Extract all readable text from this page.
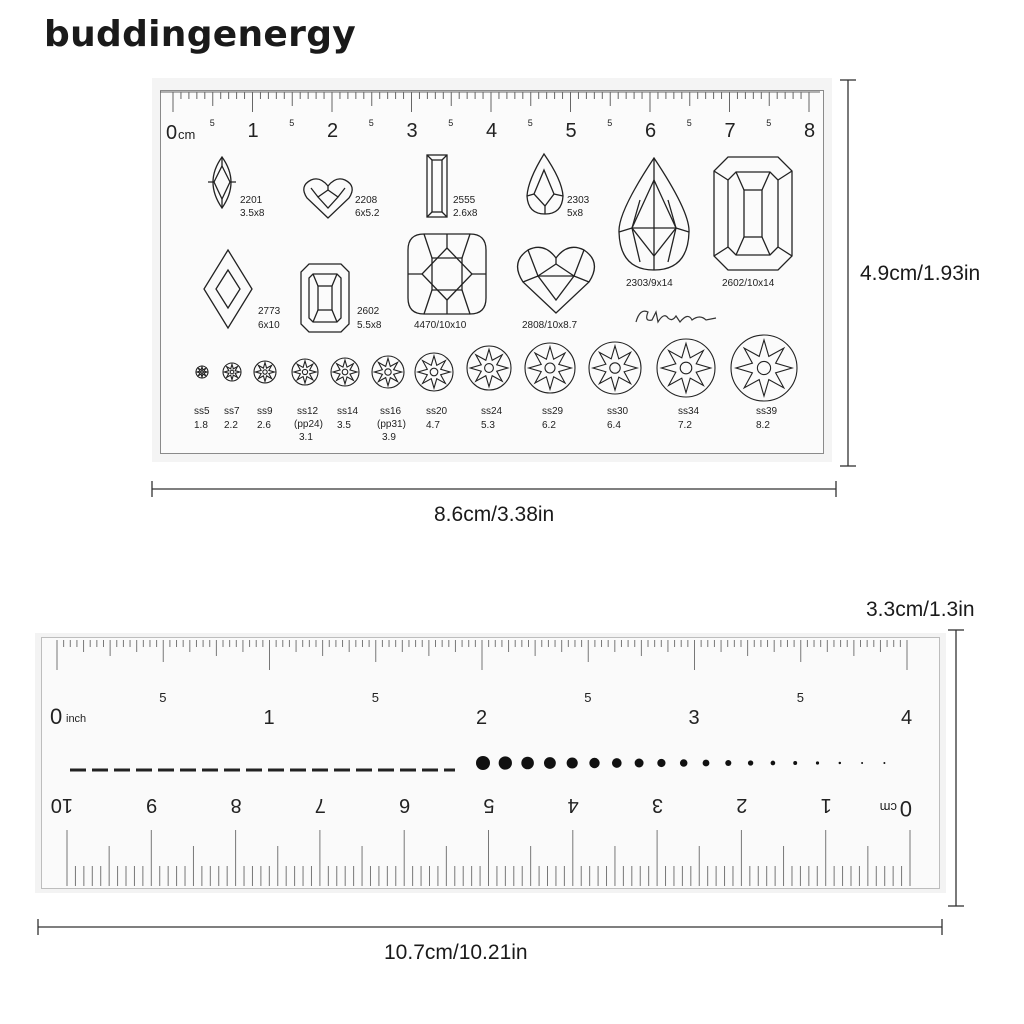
buddingenergy
1	2	3	4	5	6	7	8
5	5	5	5	5	5	5	5
0 cm
2201
3.5x8
2208
6x5.2
2555
2.6x8
2303
5x8
2303/9x14	2602/10x14
2773
6x10
2602
5.5x8	4470/10x10	2808/10x8.7
ss5
1.8
ss7
2.2
ss9
2.6
ss12
(pp24)
3.1
ss14
3.5
ss16
(pp31)
3.9
ss20
4.7
ss24
5.3
ss29
6.2
ss30
6.4
ss34
7.2
ss39
8.2
1	2	3	4
5	5	5	5
1
2
3
4
5
6
7
8
9
10
0 inch
0
cm
4.9cm/1.93in
8.6cm/3.38in
3.3cm/1.3in
10.7cm/10.21in
